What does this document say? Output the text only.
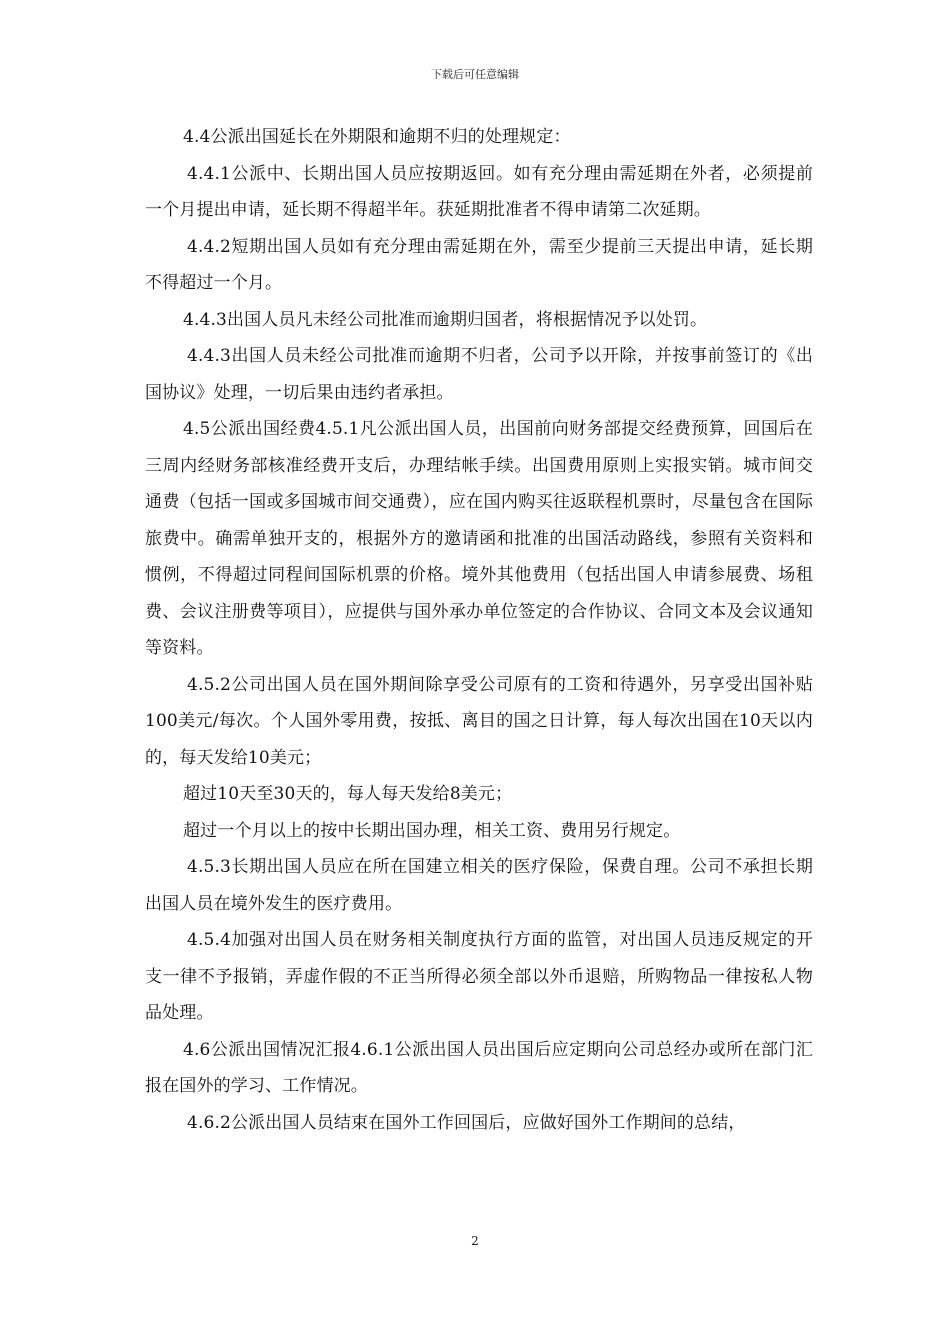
下载后可任意编辑

4.4公派出国延长在外期限和逾期不归的处理规定：

4.4.1公派中、长期出国人员应按期返回。如有充分理由需延期在外者，必须提前一个月提出申请，延长期不得超半年。获延期批准者不得申请第二次延期。

4.4.2短期出国人员如有充分理由需延期在外，需至少提前三天提出申请，延长期不得超过一个月。

4.4.3出国人员凡未经公司批准而逾期归国者，将根据情况予以处罚。

4.4.3出国人员未经公司批准而逾期不归者，公司予以开除，并按事前签订的《出国协议》处理，一切后果由违约者承担。

4.5公派出国经费4.5.1凡公派出国人员，出国前向财务部提交经费预算，回国后在三周内经财务部核准经费开支后，办理结帐手续。出国费用原则上实报实销。城市间交通费（包括一国或多国城市间交通费），应在国内购买往返联程机票时，尽量包含在国际旅费中。确需单独开支的，根据外方的邀请函和批准的出国活动路线，参照有关资料和惯例，不得超过同程间国际机票的价格。境外其他费用（包括出国人申请参展费、场租费、会议注册费等项目），应提供与国外承办单位签定的合作协议、合同文本及会议通知等资料。

4.5.2公司出国人员在国外期间除享受公司原有的工资和待遇外，另享受出国补贴100美元/每次。个人国外零用费，按抵、离目的国之日计算，每人每次出国在10天以内的，每天发给10美元；

超过10天至30天的，每人每天发给8美元；

超过一个月以上的按中长期出国办理，相关工资、费用另行规定。

4.5.3长期出国人员应在所在国建立相关的医疗保险，保费自理。公司不承担长期出国人员在境外发生的医疗费用。

4.5.4加强对出国人员在财务相关制度执行方面的监管，对出国人员违反规定的开支一律不予报销，弄虚作假的不正当所得必须全部以外币退赔，所购物品一律按私人物品处理。

4.6公派出国情况汇报4.6.1公派出国人员出国后应定期向公司总经办或所在部门汇报在国外的学习、工作情况。

4.6.2公派出国人员结束在国外工作回国后，应做好国外工作期间的总结，

2
